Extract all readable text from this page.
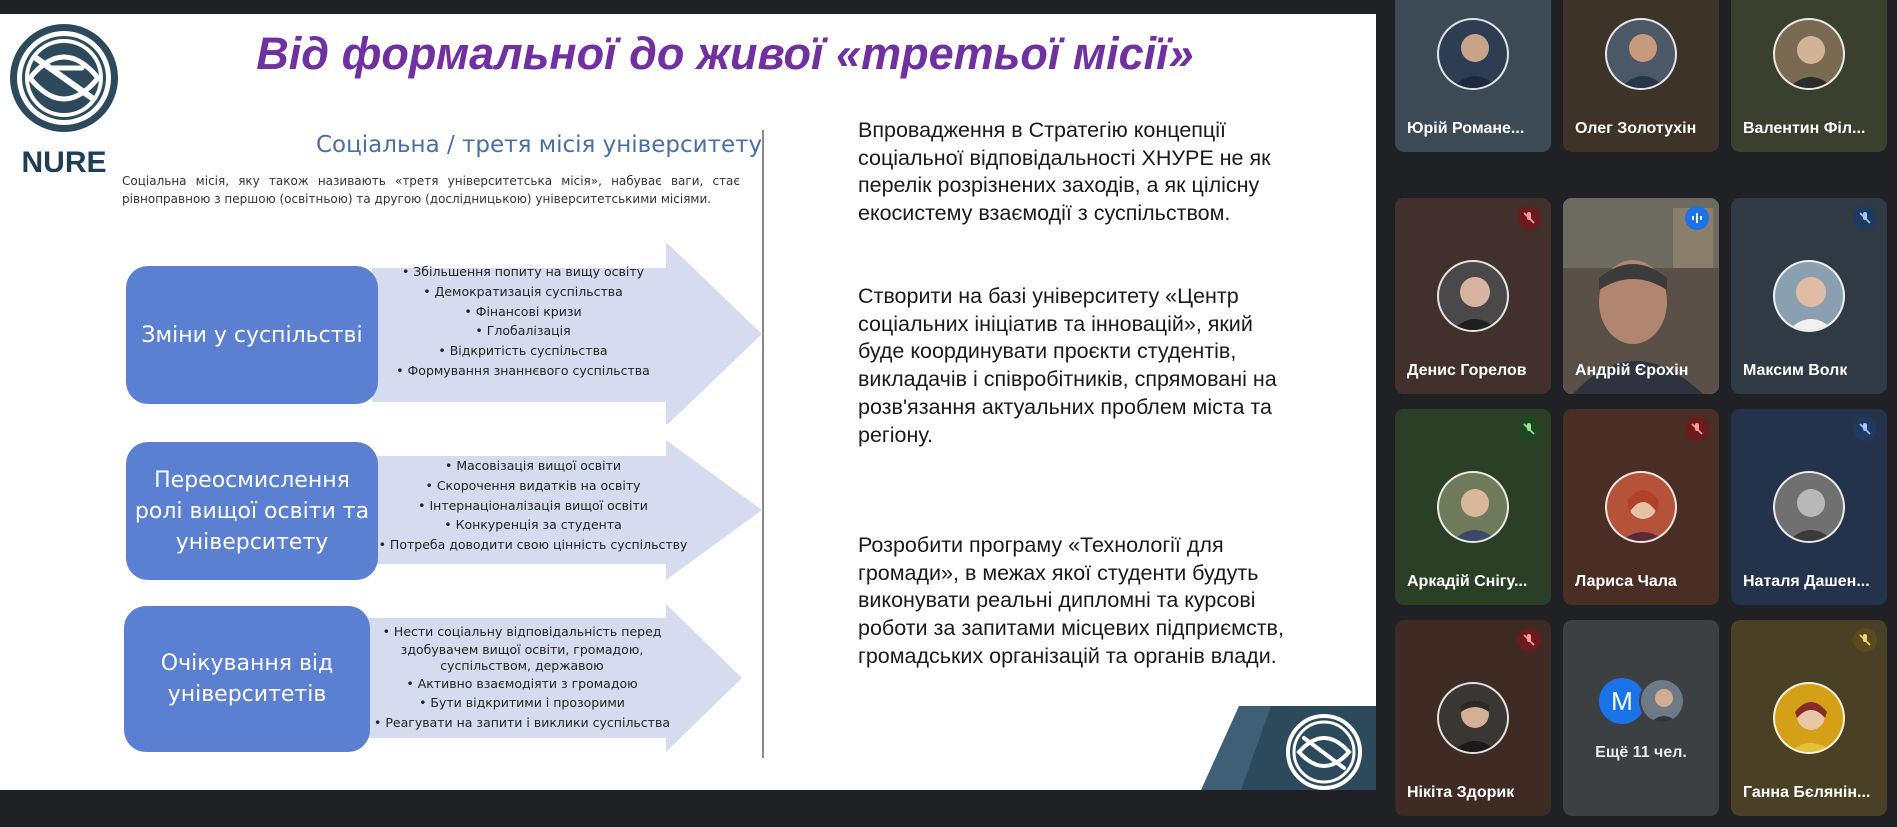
NURE
Від формальної до живої «третьої місії»
Соціальна / третя місія університету
Соціальна місія, яку також називають «третя університетська місія», набуває ваги, стає рівноправною з першою (освітньою) та другою (дослідницькою) університетськими місіями.
Зміни у суспільстві
• Збільшення попиту на вищу освіту
• Демократизація суспільства
• Фінансові кризи
• Глобалізація
• Відкритість суспільства
• Формування знаннєвого суспільства
Переосмислення ролі вищої освіти та університету
• Масовізація вищої освіти
• Скорочення видатків на освіту
• Інтернаціоналізація вищої освіти
• Конкуренція за студента
• Потреба доводити свою цінність суспільству
Очікування від університетів
• Нести соціальну відповідальність перед
здобувачем вищої освіти, громадою,
суспільством, державою
• Активно взаємодіяти з громадою
• Бути відкритими і прозорими
• Реагувати на запити і виклики суспільства
Впровадження в Стратегію концепції соціальної відповідальності ХНУРЕ не як перелік розрізнених заходів, а як цілісну екосистему взаємодії з суспільством.
Створити на базі університету «Центр соціальних ініціатив та інновацій», який буде координувати проєкти студентів, викладачів і співробітників, спрямовані на розв'язання актуальних проблем міста та регіону.
Розробити програму «Технології для громади», в межах якої студенти будуть виконувати реальні дипломні та курсові роботи за запитами місцевих підприємств, громадських організацій та органів влади.
Юрій Романе...	Олег Золотухін	Валентин Філ...
Денис Горелов	Андрій Єрохін	Максим Волк
Аркадій Снігу...	Лариса Чала	Наталя Дашен...
Нікіта Здорик
M
Ещё 11 чел.
Ганна Бєлянін...
